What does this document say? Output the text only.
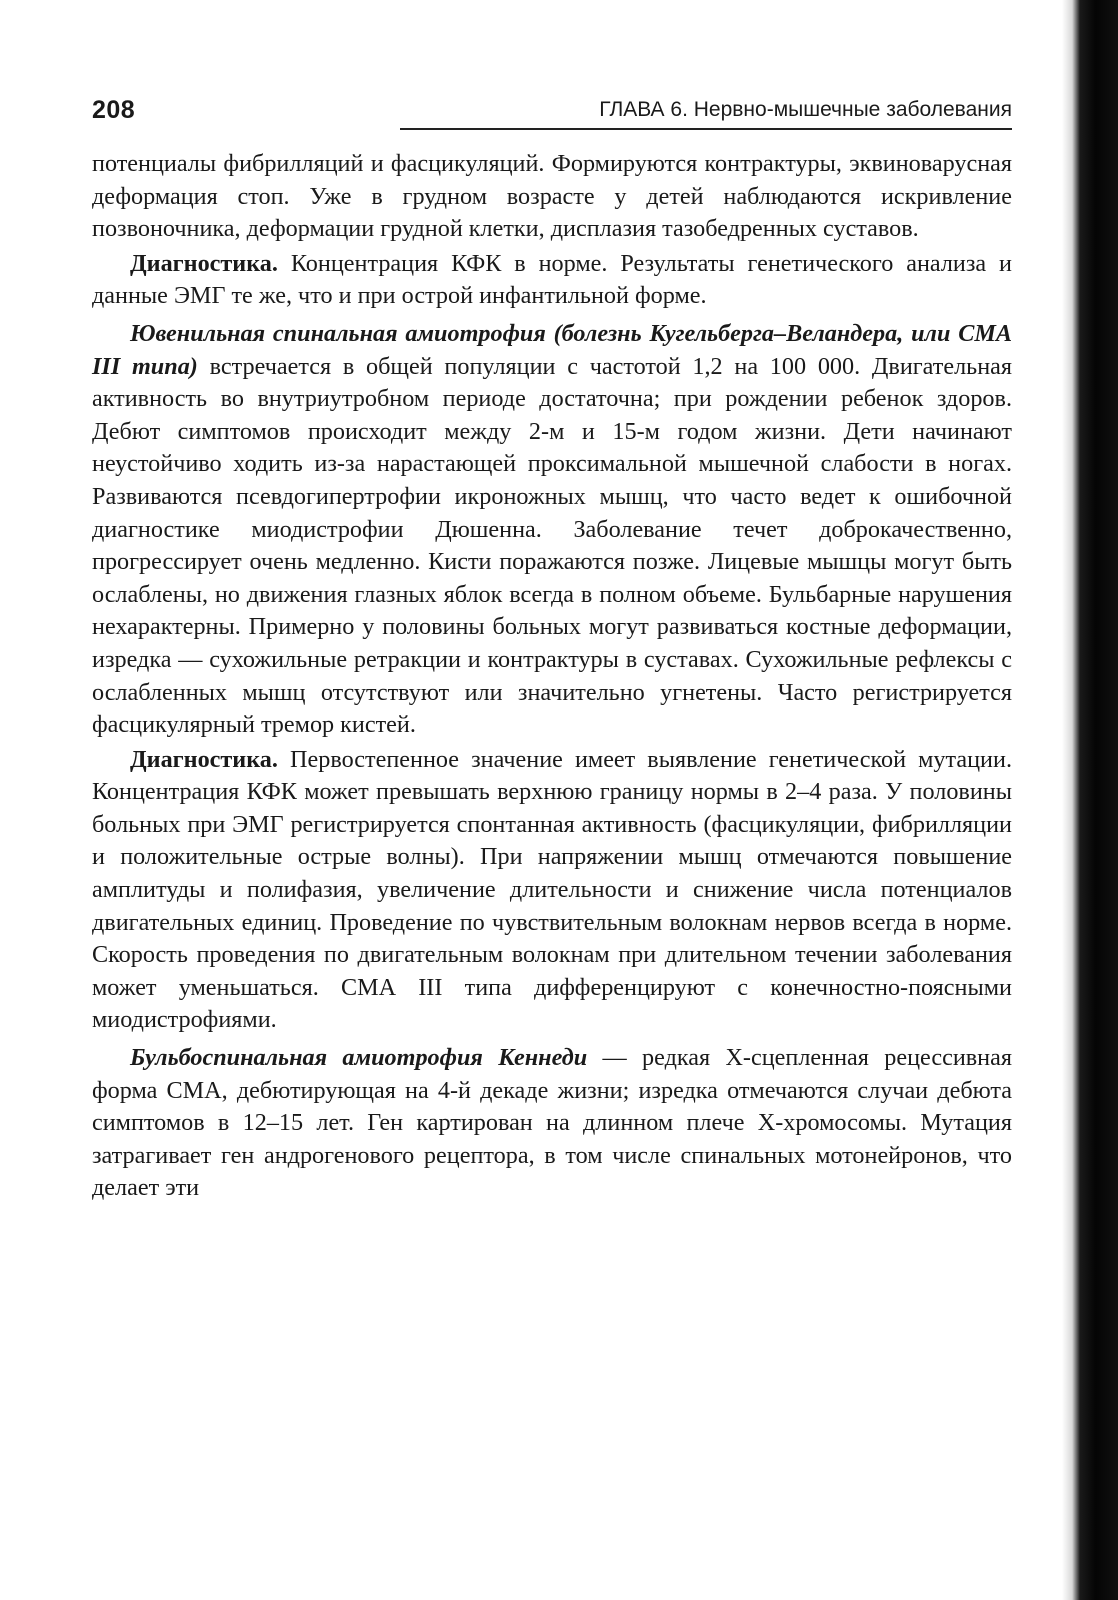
208	ГЛАВА 6. Нервно-мышечные заболевания

потенциалы фибрилляций и фасцикуляций. Формируются контрактуры, эквиноварусная деформация стоп. Уже в грудном возрасте у детей наблюдаются искривление позвоночника, деформации грудной клетки, дисплазия тазобедренных суставов.

Диагностика. Концентрация КФК в норме. Результаты генетического анализа и данные ЭМГ те же, что и при острой инфантильной форме.

Ювенильная спинальная амиотрофия (болезнь Кугельберга–Веландера, или СМА III типа) встречается в общей популяции с частотой 1,2 на 100 000. Двигательная активность во внутриутробном периоде достаточна; при рождении ребенок здоров. Дебют симптомов происходит между 2-м и 15-м годом жизни. Дети начинают неустойчиво ходить из-за нарастающей проксимальной мышечной слабости в ногах. Развиваются псевдогипертрофии икроножных мышц, что часто ведет к ошибочной диагностике миодистрофии Дюшенна. Заболевание течет доброкачественно, прогрессирует очень медленно. Кисти поражаются позже. Лицевые мышцы могут быть ослаблены, но движения глазных яблок всегда в полном объеме. Бульбарные нарушения нехарактерны. Примерно у половины больных могут развиваться костные деформации, изредка — сухожильные ретракции и контрактуры в суставах. Сухожильные рефлексы с ослабленных мышц отсутствуют или значительно угнетены. Часто регистрируется фасцикулярный тремор кистей.

Диагностика. Первостепенное значение имеет выявление генетической мутации. Концентрация КФК может превышать верхнюю границу нормы в 2–4 раза. У половины больных при ЭМГ регистрируется спонтанная активность (фасцикуляции, фибрилляции и положительные острые волны). При напряжении мышц отмечаются повышение амплитуды и полифазия, увеличение длительности и снижение числа потенциалов двигательных единиц. Проведение по чувствительным волокнам нервов всегда в норме. Скорость проведения по двигательным волокнам при длительном течении заболевания может уменьшаться. СМА III типа дифференцируют с конечностно-поясными миодистрофиями.

Бульбоспинальная амиотрофия Кеннеди — редкая Х-сцепленная рецессивная форма СМА, дебютирующая на 4-й декаде жизни; изредка отмечаются случаи дебюта симптомов в 12–15 лет. Ген картирован на длинном плече Х-хромосомы. Мутация затрагивает ген андрогенового рецептора, в том числе спинальных мотонейронов, что делает эти
